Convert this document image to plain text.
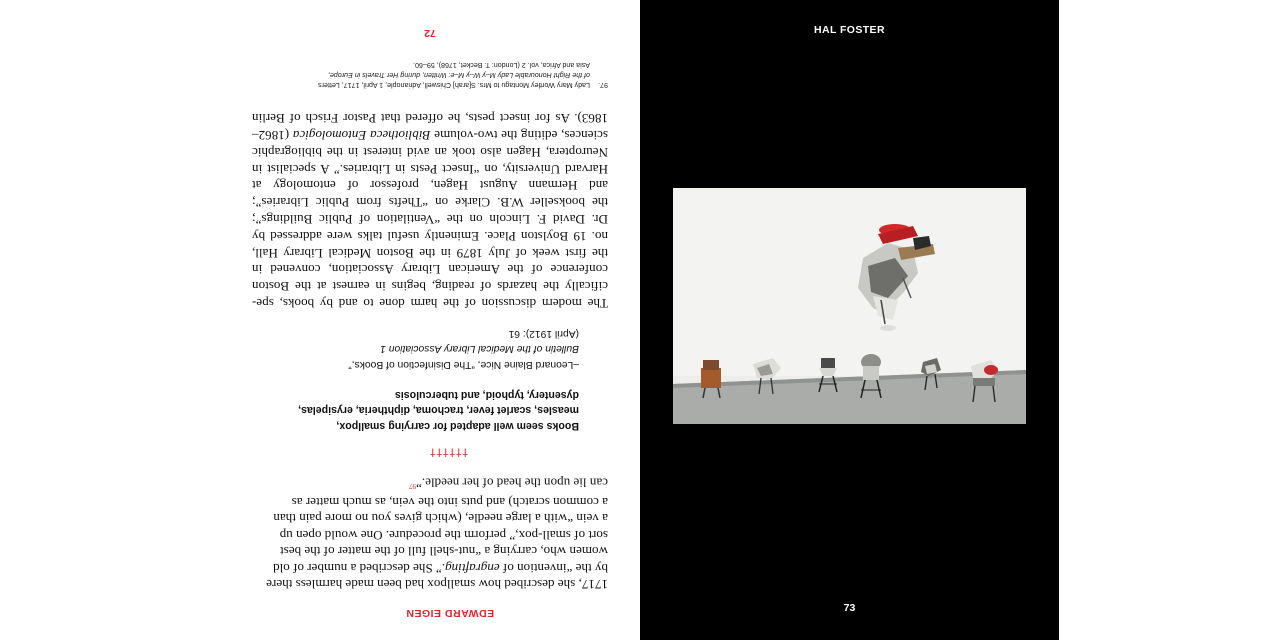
EDWARD EIGEN
1717, she described how smallpox had been made harmless there
by the “invention of engrafting.” She described a number of old
women who, carrying a “nut-shell full of the matter of the best
sort of small-pox,” perform the procedure. One would open up
a vein “with a large needle, (which gives you no more pain than
a common scratch) and puts into the vein, as much matter as
can lie upon the head of her needle.”$^{97}$
††††††
Books seem well adapted for carrying smallpox,
measles, scarlet fever, trachoma, diphtheria, erysipelas,
dysentery, typhoid, and tuberculosis
–Leonard Blaine Nice, “The Disinfection of Books,”
Bulletin of the Medical Library Association 1
(April 1912): 61
The modern discussion of the harm done to and by books, spe-
cifically the hazards of reading, begins in earnest at the Boston
conference of the American Library Association, convened in
the first week of July 1879 in the Boston Medical Library Hall,
no. 19 Boylston Place. Eminently useful talks were addressed by
Dr. David F. Lincoln on the “Ventilation of Public Buildings”;
the bookseller W.B. Clarke on “Thefts from Public Libraries”;
and Hermann August Hagen, professor of entomology at
Harvard University, on “Insect Pests in Libraries.” A specialist in
Neuroptera, Hagen also took an avid interest in the bibliographic
sciences, editing the two-volume Bibliotheca Entomologica (1862–
1863). As for insect pests, he offered that Pastor Frisch of Berlin
97.Lady Mary Wortley Montagu to Mrs. S[arah] Chiswell, Adrianople, 1 April, 1717, Letters
of the Right Honourable Lady M–y W–y M–e: Written, during Her Travels in Europe,
Asia and Africa, vol. 2 (London: T. Becket, 1768), 59–60.
72	HAL FOSTER
73
